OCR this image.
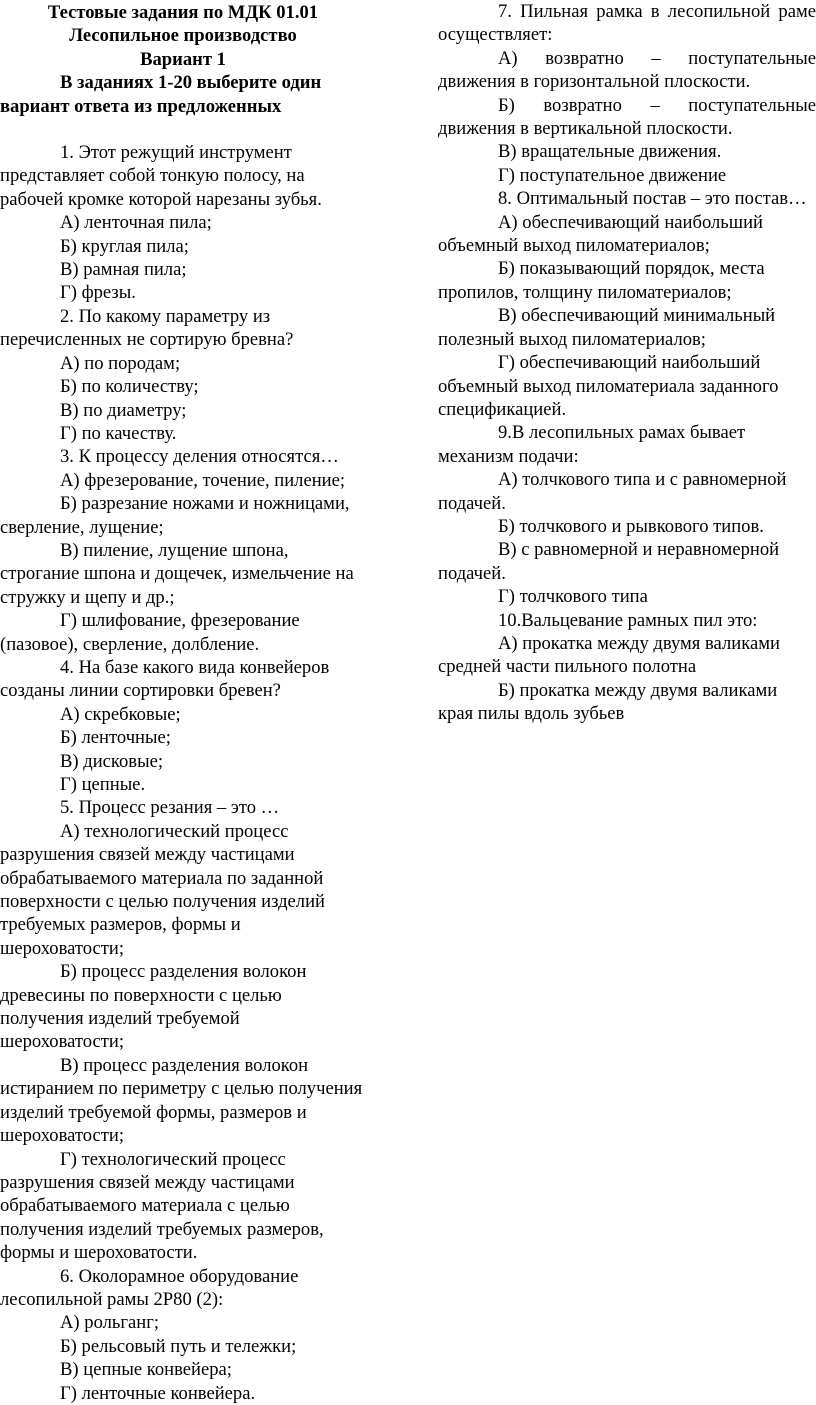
Тестовые задания по МДК 01.01
Лесопильное производство
Вариант 1
В заданиях 1-20 выберите один вариант ответа из предложенных

1. Этот режущий инструмент представляет собой тонкую полосу, на рабочей кромке которой нарезаны зубья.

А) ленточная пила;

Б) круглая пила;

В) рамная пила;

Г) фрезы.

2. По какому параметру из перечисленных не сортирую бревна?

А) по породам;

Б) по количеству;

В) по диаметру;

Г) по качеству.

3. К процессу деления относятся…

А) фрезерование, точение, пиление;

Б) разрезание ножами и ножницами, сверление, лущение;

В) пиление, лущение шпона, строгание шпона и дощечек, измельчение на стружку и щепу и др.;

Г) шлифование, фрезерование (пазовое), сверление, долбление.

4. На базе какого вида конвейеров созданы линии сортировки бревен?

А) скребковые;

Б) ленточные;

В) дисковые;

Г) цепные.

5. Процесс резания – это …

А) технологический процесс разрушения связей между частицами обрабатываемого материала по заданной поверхности с целью получения изделий требуемых размеров, формы и шероховатости;

Б) процесс разделения волокон древесины по поверхности с целью получения изделий требуемой шероховатости;

В) процесс разделения волокон истиранием по периметру с целью получения изделий требуемой формы, размеров и шероховатости;

Г) технологический процесс разрушения связей между частицами обрабатываемого материала с целью получения изделий требуемых размеров, формы и шероховатости.

6. Околорамное оборудование лесопильной рамы 2Р80 (2):

А) рольганг;

Б) рельсовый путь и тележки;

В) цепные конвейера;

Г) ленточные конвейера.

7. Пильная рамка в лесопильной раме осуществляет:

А) возвратно – поступательные движения в горизонтальной плоскости.

Б) возвратно – поступательные движения в вертикальной плоскости.

В) вращательные движения.

Г) поступательное движение

8. Оптимальный постав – это постав…

А) обеспечивающий наибольший объемный выход пиломатериалов;

Б) показывающий порядок, места пропилов, толщину пиломатериалов;

В) обеспечивающий минимальный полезный выход пиломатериалов;

Г) обеспечивающий наибольший объемный выход пиломатериала заданного спецификацией.

9.В лесопильных рамах бывает механизм подачи:

А) толчкового типа и с равномерной подачей.

Б) толчкового и рывкового типов.

В) с равномерной и неравномерной подачей.

Г) толчкового типа

10.Вальцевание рамных пил это:

А) прокатка между двумя валиками средней части пильного полотна

Б) прокатка между двумя валиками края пилы вдоль зубьев
